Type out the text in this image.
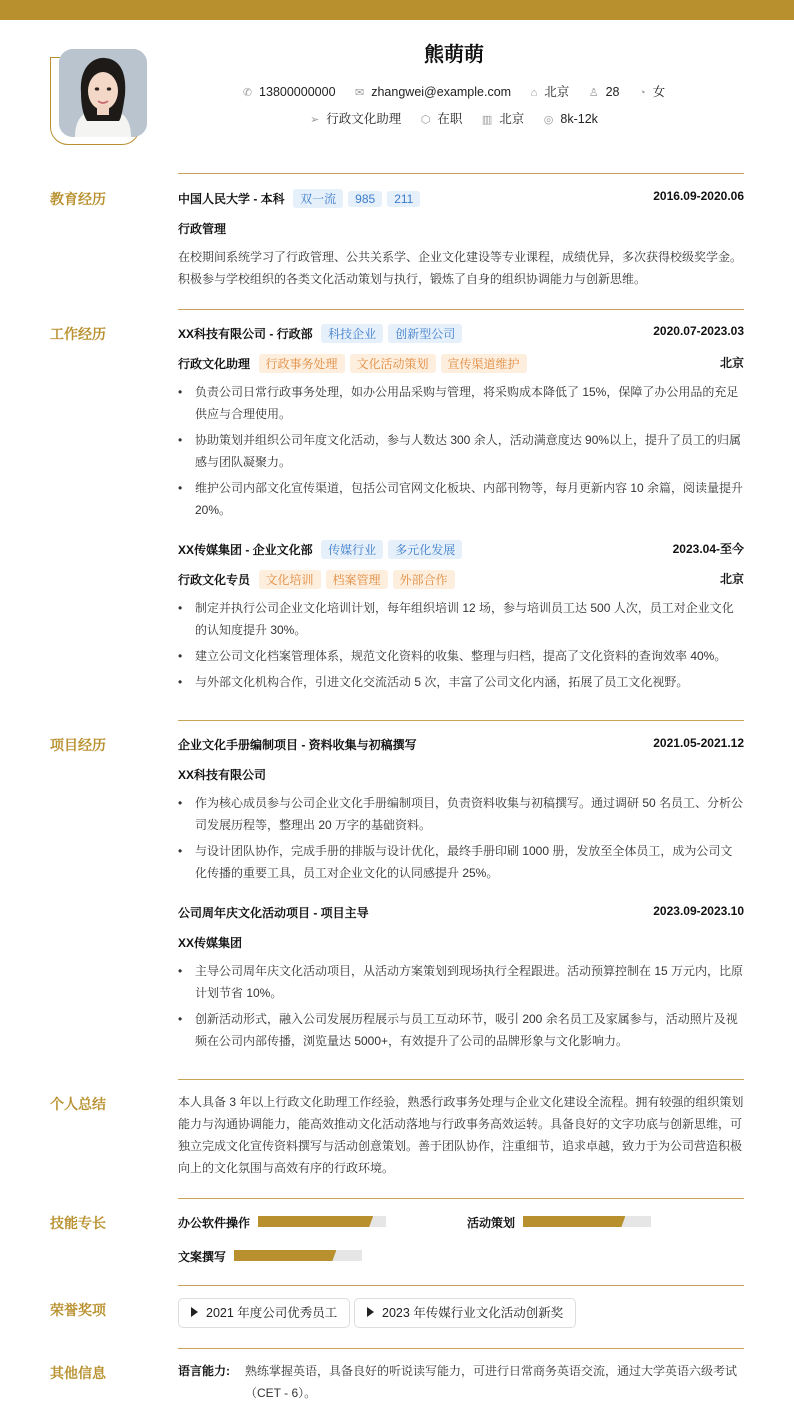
熊萌萌
✆ 13800000000 ✉ zhangwei@example.com ⌂ 北京 ♙ 28 ◔ 女
➢ 行政文化助理 ⬡ 在职 ▥ 北京 ◎ 8k-12k
教育经历	中国人民大学 - 本科 双一流 985 211	2016.09-2020.06
行政管理
在校期间系统学习了行政管理、公共关系学、企业文化建设等专业课程，成绩优异，多次获得校级奖学金。积极参与学校组织的各类文化活动策划与执行，锻炼了自身的组织协调能力与创新思维。
工作经历	XX科技有限公司 - 行政部 科技企业 创新型公司	2020.07-2023.03
行政文化助理 行政事务处理 文化活动策划 宣传渠道维护	北京
• 负责公司日常行政事务处理，如办公用品采购与管理，将采购成本降低了 15%，保障了办公用品的充足供应与合理使用。
• 协助策划并组织公司年度文化活动，参与人数达 300 余人，活动满意度达 90%以上，提升了员工的归属感与团队凝聚力。
• 维护公司内部文化宣传渠道，包括公司官网文化板块、内部刊物等，每月更新内容 10 余篇，阅读量提升 20%。
XX传媒集团 - 企业文化部 传媒行业 多元化发展	2023.04-至今
行政文化专员 文化培训 档案管理 外部合作	北京
• 制定并执行公司企业文化培训计划，每年组织培训 12 场，参与培训员工达 500 人次，员工对企业文化的认知度提升 30%。
• 建立公司文化档案管理体系，规范文化资料的收集、整理与归档，提高了文化资料的查询效率 40%。
• 与外部文化机构合作，引进文化交流活动 5 次，丰富了公司文化内涵，拓展了员工文化视野。
项目经历	企业文化手册编制项目 - 资料收集与初稿撰写	2021.05-2021.12
XX科技有限公司
• 作为核心成员参与公司企业文化手册编制项目，负责资料收集与初稿撰写。通过调研 50 名员工、分析公司发展历程等，整理出 20 万字的基础资料。
• 与设计团队协作，完成手册的排版与设计优化，最终手册印刷 1000 册，发放至全体员工，成为公司文化传播的重要工具，员工对企业文化的认同感提升 25%。
公司周年庆文化活动项目 - 项目主导	2023.09-2023.10
XX传媒集团
• 主导公司周年庆文化活动项目，从活动方案策划到现场执行全程跟进。活动预算控制在 15 万元内，比原计划节省 10%。
• 创新活动形式，融入公司发展历程展示与员工互动环节，吸引 200 余名员工及家属参与，活动照片及视频在公司内部传播，浏览量达 5000+，有效提升了公司的品牌形象与文化影响力。
个人总结	本人具备 3 年以上行政文化助理工作经验，熟悉行政事务处理与企业文化建设全流程。拥有较强的组织策划能力与沟通协调能力，能高效推动文化活动落地与行政事务高效运转。具备良好的文字功底与创新思维，可独立完成文化宣传资料撰写与活动创意策划。善于团队协作，注重细节，追求卓越，致力于为公司营造积极向上的文化氛围与高效有序的行政环境。
技能专长	办公软件操作	活动策划
文案撰写
荣誉奖项	2021 年度公司优秀员工	2023 年传媒行业文化活动创新奖
其他信息	语言能力:	熟练掌握英语，具备良好的听说读写能力，可进行日常商务英语交流，通过大学英语六级考试（CET - 6）。
